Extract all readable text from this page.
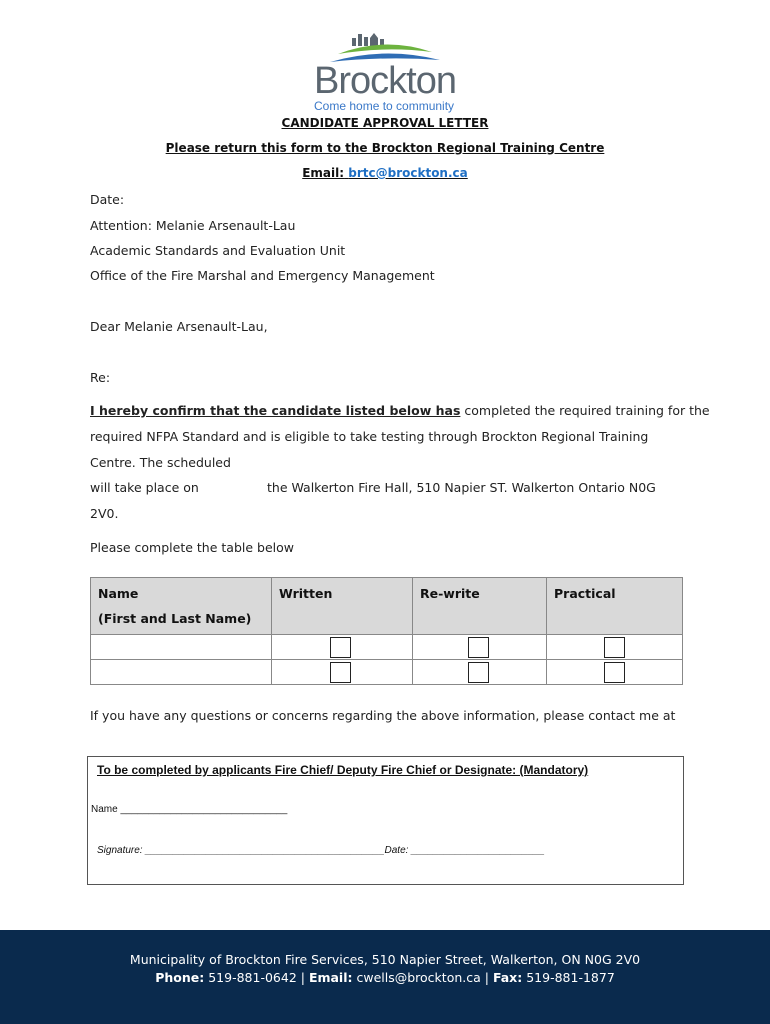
Brockton
Come home to community
CANDIDATE APPROVAL LETTER
Please return this form to the Brockton Regional Training Centre
Email: brtc@brockton.ca
Date:
Attention: Melanie Arsenault-Lau
Academic Standards and Evaluation Unit
Office of the Fire Marshal and Emergency Management
Dear Melanie Arsenault-Lau,
Re:
I hereby confirm that the candidate listed below has completed the required training for the
required NFPA Standard and is eligible to take testing through Brockton Regional Training
Centre. The scheduled
will take place on	the Walkerton Fire Hall, 510 Napier ST. Walkerton Ontario N0G
2V0.
Please complete the table below
Name
(First and Last Name)	Written	Re-write	Practical

If you have any questions or concerns regarding the above information, please contact me at
To be completed by applicants Fire Chief/ Deputy Fire Chief or Designate: (Mandatory)
Name ______________________________
Signature: ___________________________________________Date: ________________________
Municipality of Brockton Fire Services, 510 Napier Street, Walkerton, ON N0G 2V0
Phone: 519-881-0642 | Email: cwells@brockton.ca | Fax: 519-881-1877
